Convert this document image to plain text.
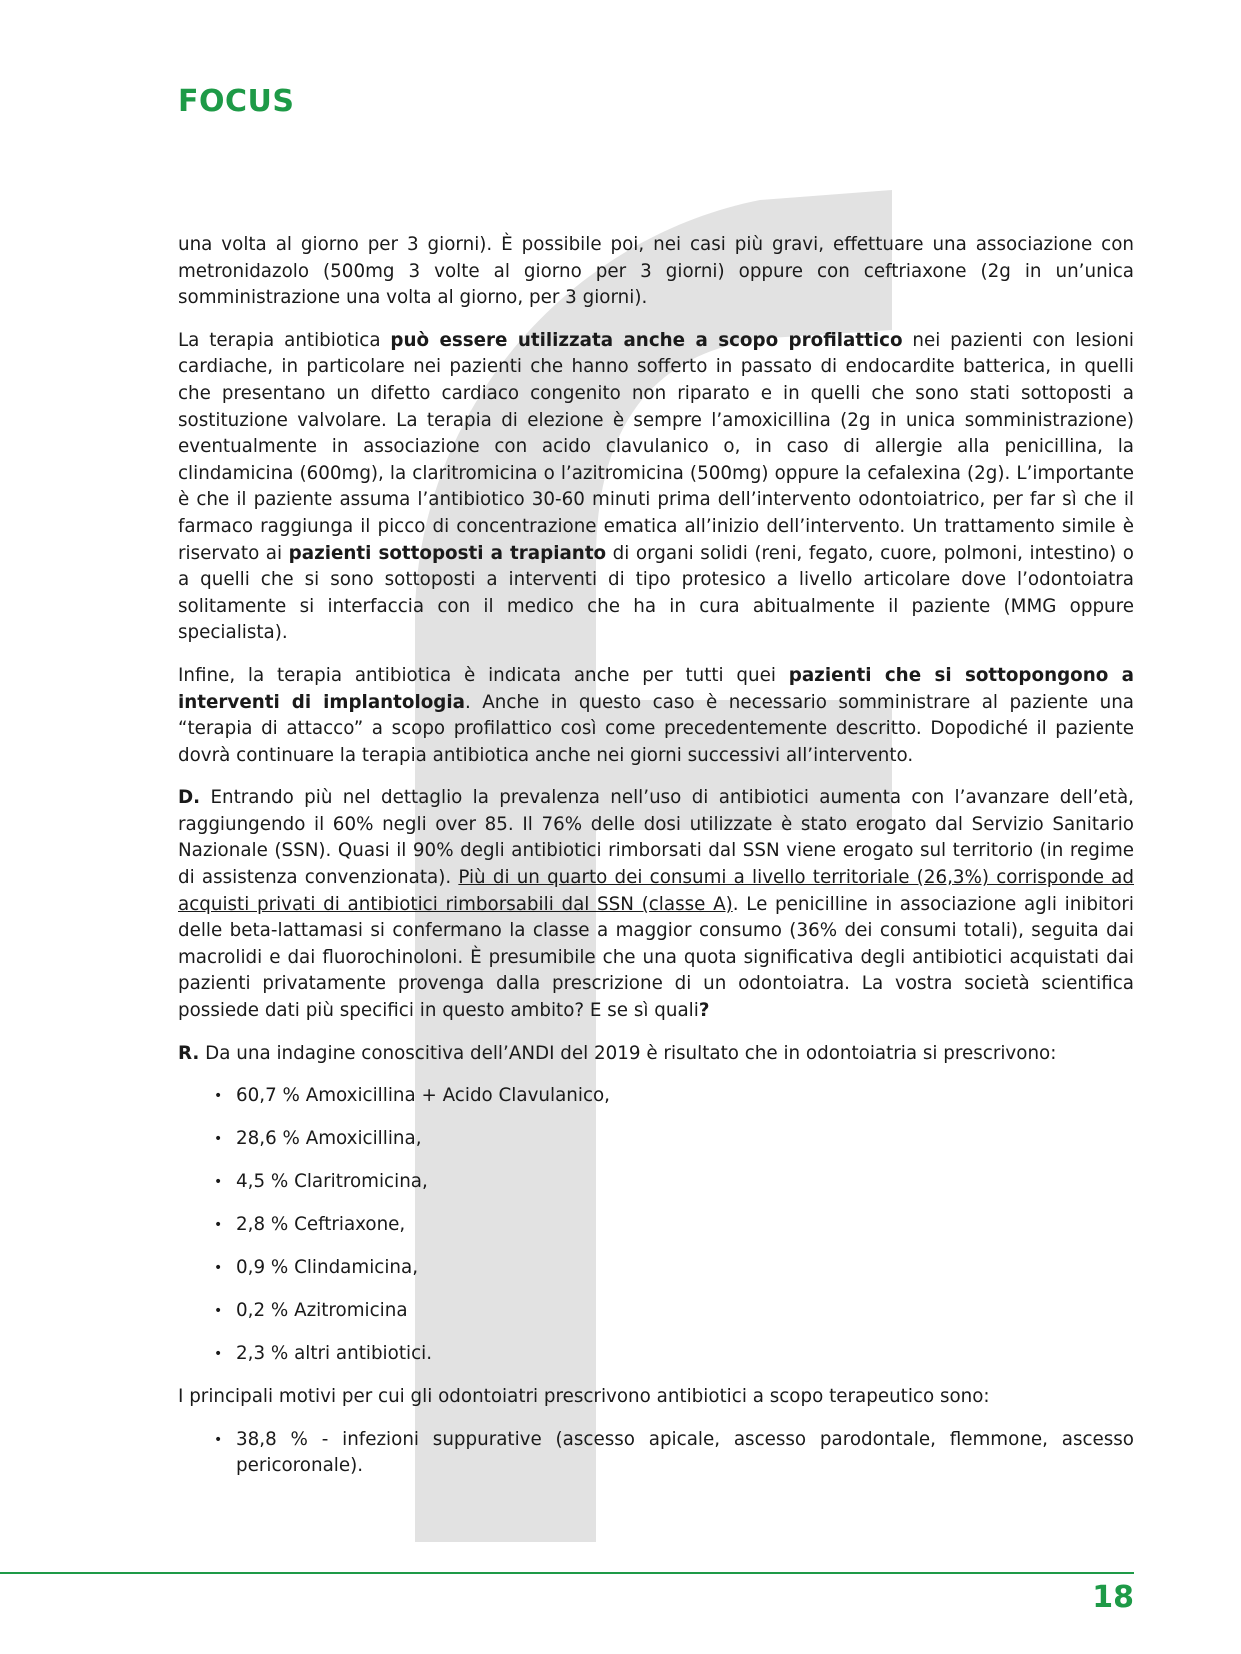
FOCUS

una volta al giorno per 3 giorni). È possibile poi, nei casi più gravi, effettuare una associazione con metronidazolo (500mg 3 volte al giorno per 3 giorni) oppure con ceftriaxone (2g in un’unica somministrazione una volta al giorno, per 3 giorni).

La terapia antibiotica può essere utilizzata anche a scopo profilattico nei pazienti con lesioni cardiache, in particolare nei pazienti che hanno sofferto in passato di endocardite batterica, in quelli che presentano un difetto cardiaco congenito non riparato e in quelli che sono stati sottoposti a sostituzione valvolare. La terapia di elezione è sempre l’amoxicillina (2g in unica somministrazione) eventualmente in associazione con acido clavulanico o, in caso di allergie alla penicillina, la clindamicina (600mg), la claritromicina o l’azitromicina (500mg) oppure la cefalexina (2g). L’importante è che il paziente assuma l’antibiotico 30-60 minuti prima dell’intervento odontoiatrico, per far sì che il farmaco raggiunga il picco di concentrazione ematica all’inizio dell’intervento. Un trattamento simile è riservato ai pazienti sottoposti a trapianto di organi solidi (reni, fegato, cuore, polmoni, intestino) o a quelli che si sono sottoposti a interventi di tipo protesico a livello articolare dove l’odontoiatra solitamente si interfaccia con il medico che ha in cura abitualmente il paziente (MMG oppure specialista).

Infine, la terapia antibiotica è indicata anche per tutti quei pazienti che si sottopongono a interventi di implantologia. Anche in questo caso è necessario somministrare al paziente una “terapia di attacco” a scopo profilattico così come precedentemente descritto. Dopodiché il paziente dovrà continuare la terapia antibiotica anche nei giorni successivi all’intervento.

D. Entrando più nel dettaglio la prevalenza nell’uso di antibiotici aumenta con l’avanzare dell’età, raggiungendo il 60% negli over 85. Il 76% delle dosi utilizzate è stato erogato dal Servizio Sanitario Nazionale (SSN). Quasi il 90% degli antibiotici rimborsati dal SSN viene erogato sul territorio (in regime di assistenza convenzionata). Più di un quarto dei consumi a livello territoriale (26,3%) corrisponde ad acquisti privati di antibiotici rimborsabili dal SSN (classe A). Le penicilline in associazione agli inibitori delle beta-lattamasi si confermano la classe a maggior consumo (36% dei consumi totali), seguita dai macrolidi e dai fluorochinoloni. È presumibile che una quota significativa degli antibiotici acquistati dai pazienti privatamente provenga dalla prescrizione di un odontoiatra. La vostra società scientifica possiede dati più specifici in questo ambito? E se sì quali?

R. Da una indagine conoscitiva dell’ANDI del 2019 è risultato che in odontoiatria si prescrivono:

• 60,7 % Amoxicillina + Acido Clavulanico,
• 28,6 % Amoxicillina,
• 4,5 % Claritromicina,
• 2,8 % Ceftriaxone,
• 0,9 % Clindamicina,
• 0,2 % Azitromicina
• 2,3 % altri antibiotici.

I principali motivi per cui gli odontoiatri prescrivono antibiotici a scopo terapeutico sono:

• 38,8 % - infezioni suppurative (ascesso apicale, ascesso parodontale, flemmone, ascesso pericoronale).
18
